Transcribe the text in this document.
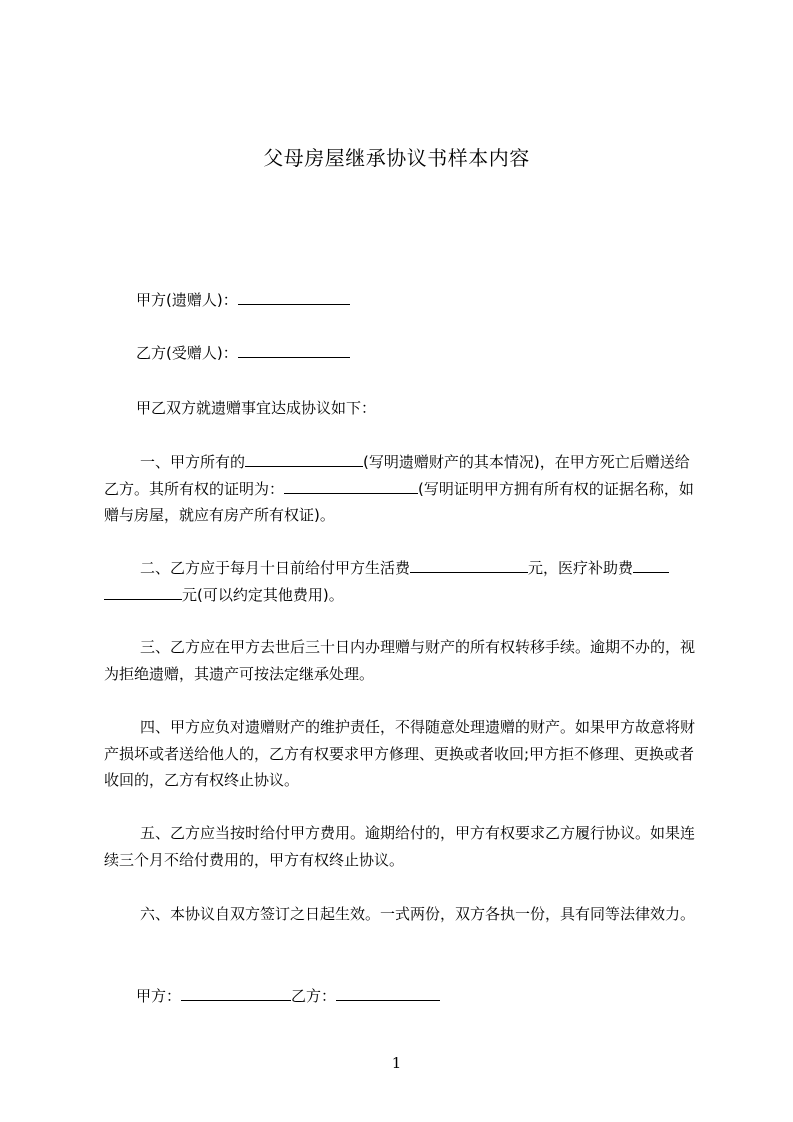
父母房屋继承协议书样本内容
甲方(遗赠人)：
乙方(受赠人)：
甲乙双方就遗赠事宜达成协议如下：
一、甲方所有的	(写明遗赠财产的其本情况)，在甲方死亡后赠送给乙方。其所有权的证明为：	(写明证明甲方拥有所有权的证据名称，如赠与房屋，就应有房产所有权证)。
二、乙方应于每月十日前给付甲方生活费	元，医疗补助费元(可以约定其他费用)。
三、乙方应在甲方去世后三十日内办理赠与财产的所有权转移手续。逾期不办的，视为拒绝遗赠，其遗产可按法定继承处理。
四、甲方应负对遗赠财产的维护责任，不得随意处理遗赠的财产。如果甲方故意将财产损坏或者送给他人的，乙方有权要求甲方修理、更换或者收回;甲方拒不修理、更换或者收回的，乙方有权终止协议。
五、乙方应当按时给付甲方费用。逾期给付的，甲方有权要求乙方履行协议。如果连续三个月不给付费用的，甲方有权终止协议。
六、本协议自双方签订之日起生效。一式两份，双方各执一份，具有同等法律效力。
甲方：	乙方：
1
